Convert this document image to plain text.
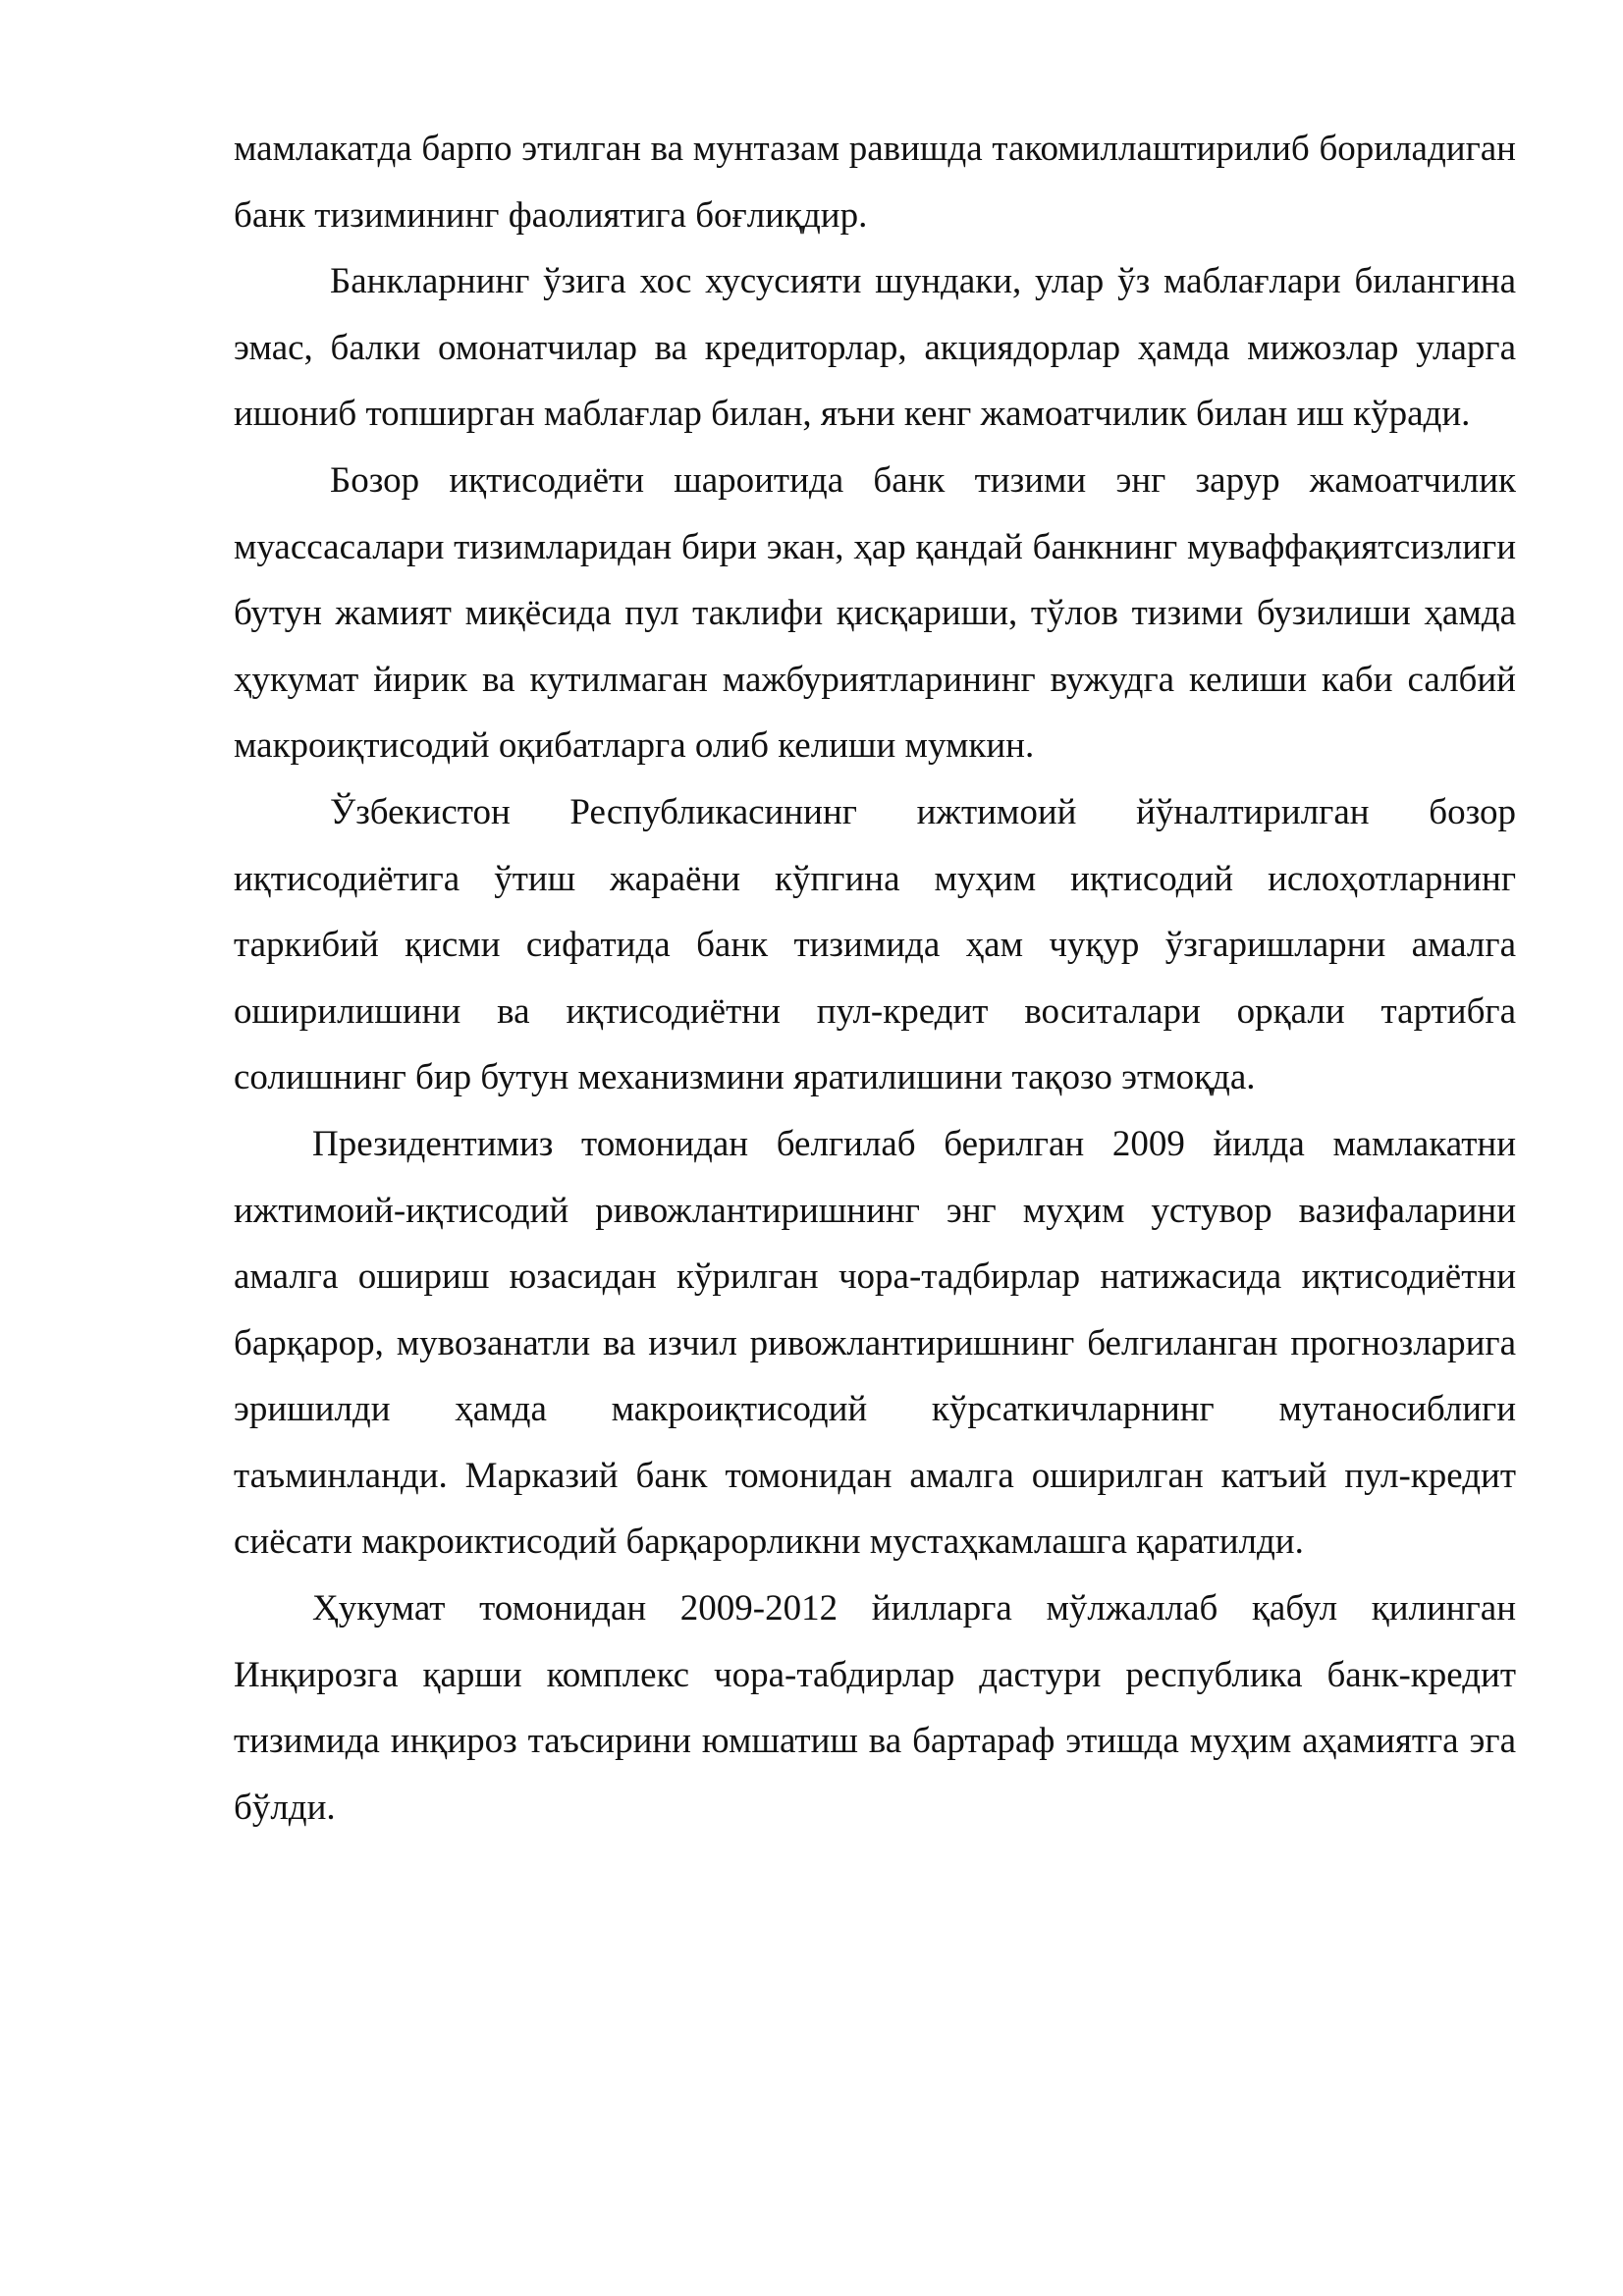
мамлакатда барпо этилган ва мунтазам равишда такомиллаштирилиб бориладиган банк тизимининг фаолиятига боғлиқдир.

Банкларнинг ўзига хос хусусияти шундаки, улар ўз маблағлари билангина эмас, балки омонатчилар ва кредиторлар, акциядорлар ҳамда мижозлар уларга ишониб топширган маблағлар билан, яъни кенг жамоатчилик билан иш кўради.

Бозор иқтисодиёти шароитида банк тизими энг зарур жамоатчилик муассасалари тизимларидан бири экан, ҳар қандай банкнинг муваффақиятсизлиги бутун жамият миқёсида пул таклифи қисқариши, тўлов тизими бузилиши ҳамда ҳукумат йирик ва кутилмаган мажбуриятларининг вужудга келиши каби салбий макроиқтисодий оқибатларга олиб келиши мумкин.

Ўзбекистон Республикасининг ижтимоий йўналтирилган бозор иқтисодиётига ўтиш жараёни кўпгина муҳим иқтисодий ислоҳотларнинг таркибий қисми сифатида банк тизимида ҳам чуқур ўзгаришларни амалга оширилишини ва иқтисодиётни пул-кредит воситалари орқали тартибга солишнинг бир бутун механизмини яратилишини тақозо этмоқда.

Президентимиз томонидан белгилаб берилган 2009 йилда мамлакатни ижтимоий-иқтисодий ривожлантиришнинг энг муҳим устувор вазифаларини амалга ошириш юзасидан кўрилган чора-тадбирлар натижасида иқтисодиётни барқарор, мувозанатли ва изчил ривожлантиришнинг белгиланган прогнозларига эришилди ҳамда макроиқтисодий кўрсаткичларнинг мутаносиблиги таъминланди. Марказий банк томонидан амалга оширилган катъий пул-кредит сиёсати макроиктисодий барқарорликни мустаҳкамлашга қаратилди.

Ҳукумат томонидан 2009-2012 йилларга мўлжаллаб қабул қилинган Инқирозга қарши комплекс чора-табдирлар дастури республика банк-кредит тизимида инқироз таъсирини юмшатиш ва бартараф этишда муҳим аҳамиятга эга бўлди.
